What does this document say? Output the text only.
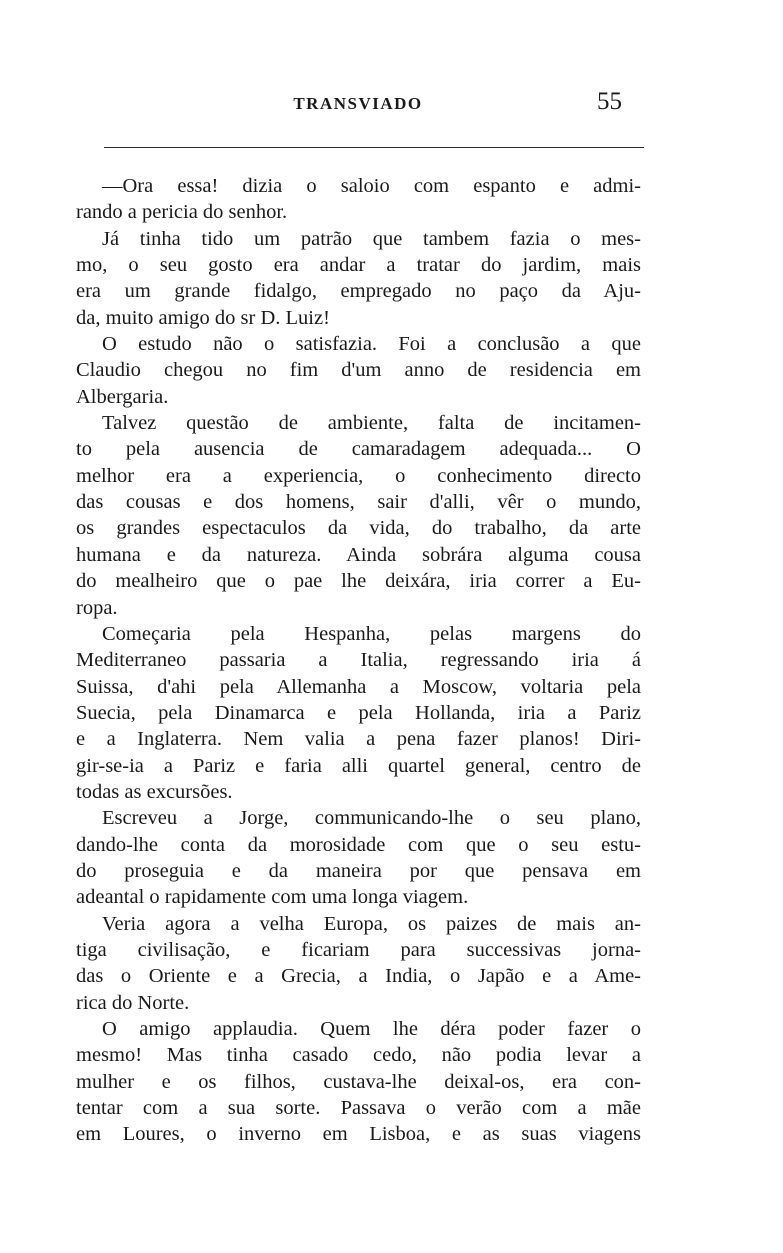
TRANSVIADO	55
—Ora essa! dizia o saloio com espanto e admi-
rando a pericia do senhor.
Já tinha tido um patrão que tambem fazia o mes-
mo, o seu gosto era andar a tratar do jardim, mais
era um grande fidalgo, empregado no paço da Aju-
da, muito amigo do sr D. Luiz!
O estudo não o satisfazia. Foi a conclusão a que
Claudio chegou no fim d'um anno de residencia em
Albergaria.
Talvez questão de ambiente, falta de incitamen-
to pela ausencia de camaradagem adequada... O
melhor era a experiencia, o conhecimento directo
das cousas e dos homens, sair d'alli, vêr o mundo,
os grandes espectaculos da vida, do trabalho, da arte
humana e da natureza. Ainda sobrára alguma cousa
do mealheiro que o pae lhe deixára, iria correr a Eu-
ropa.
Começaria pela Hespanha, pelas margens do
Mediterraneo passaria a Italia, regressando iria á
Suissa, d'ahi pela Allemanha a Moscow, voltaria pela
Suecia, pela Dinamarca e pela Hollanda, iria a Pariz
e a Inglaterra. Nem valia a pena fazer planos! Diri-
gir-se-ia a Pariz e faria alli quartel general, centro de
todas as excursões.
Escreveu a Jorge, communicando-lhe o seu plano,
dando-lhe conta da morosidade com que o seu estu-
do proseguia e da maneira por que pensava em
adeantal o rapidamente com uma longa viagem.
Veria agora a velha Europa, os paizes de mais an-
tiga civilisação, e ficariam para successivas jorna-
das o Oriente e a Grecia, a India, o Japão e a Ame-
rica do Norte.
O amigo applaudia. Quem lhe déra poder fazer o
mesmo! Mas tinha casado cedo, não podia levar a
mulher e os filhos, custava-lhe deixal-os, era con-
tentar com a sua sorte. Passava o verão com a mãe
em Loures, o inverno em Lisboa, e as suas viagens
